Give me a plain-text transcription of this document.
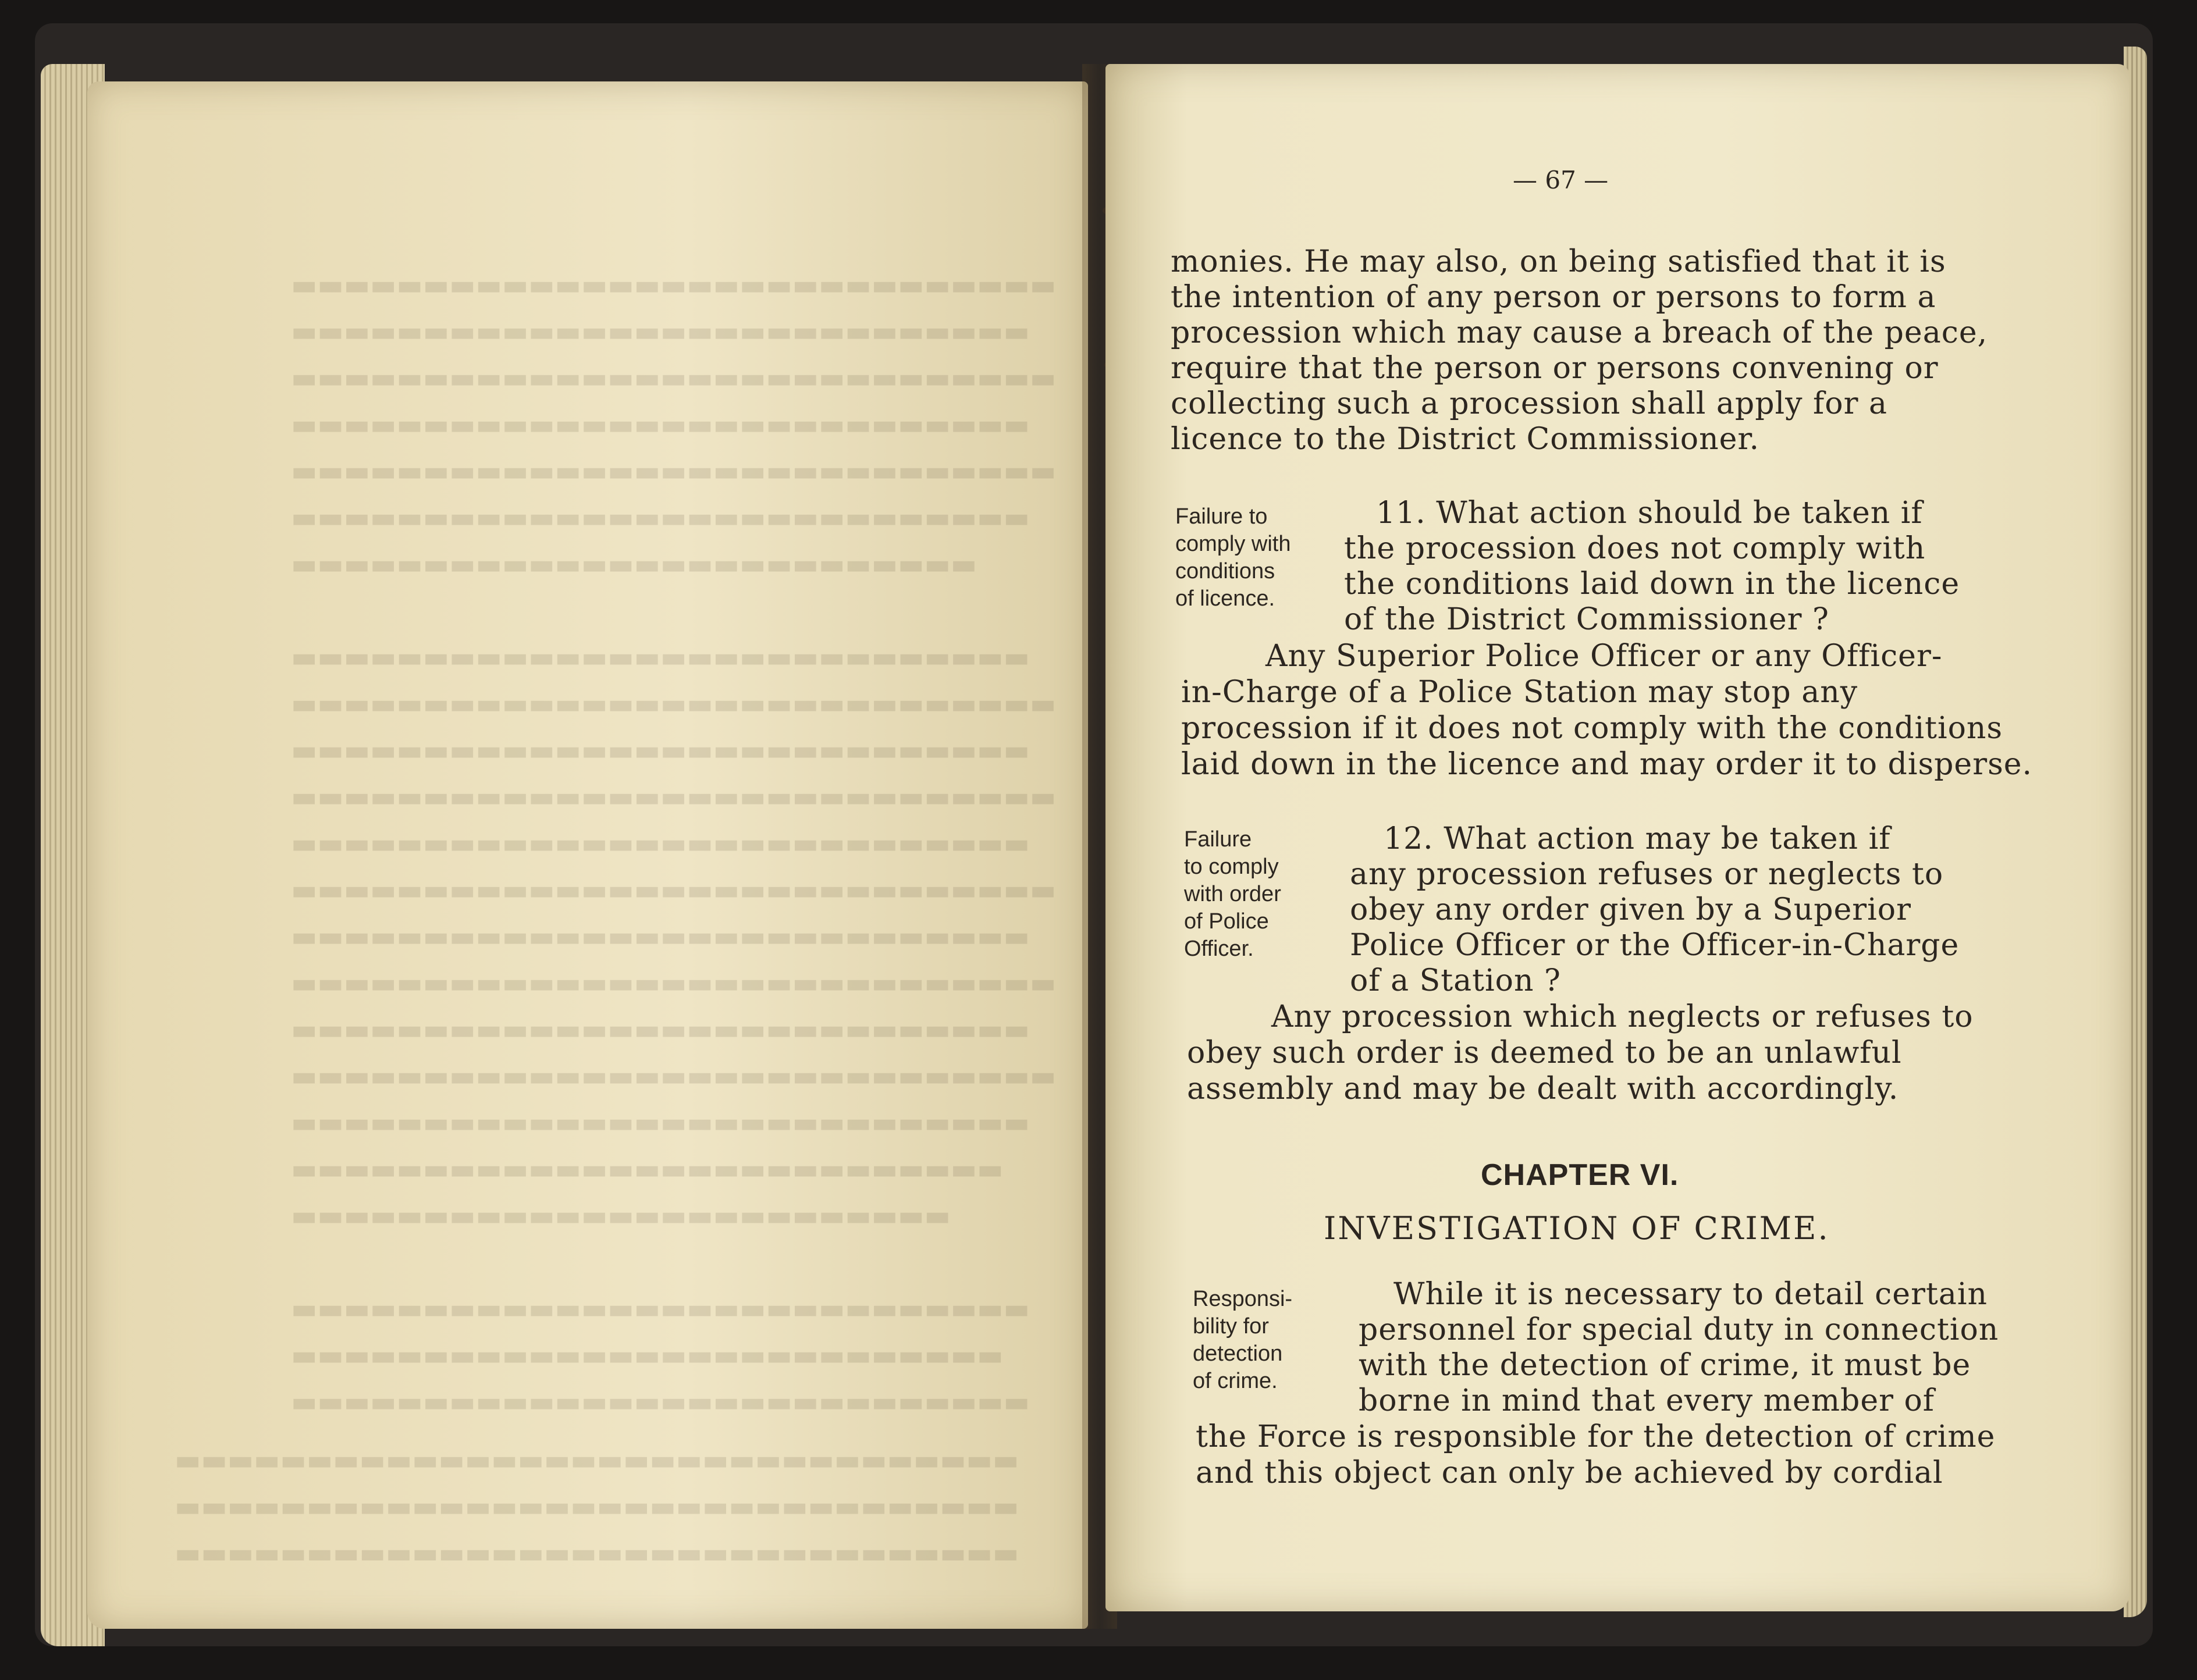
▬▬▬▬▬▬▬▬▬▬▬▬▬▬▬▬▬▬▬▬▬▬▬▬▬▬▬▬▬
▬▬▬▬▬▬▬▬▬▬▬▬▬▬▬▬▬▬▬▬▬▬▬▬▬▬▬▬
▬▬▬▬▬▬▬▬▬▬▬▬▬▬▬▬▬▬▬▬▬▬▬▬▬▬▬▬▬
▬▬▬▬▬▬▬▬▬▬▬▬▬▬▬▬▬▬▬▬▬▬▬▬▬▬▬▬
▬▬▬▬▬▬▬▬▬▬▬▬▬▬▬▬▬▬▬▬▬▬▬▬▬▬▬▬▬
▬▬▬▬▬▬▬▬▬▬▬▬▬▬▬▬▬▬▬▬▬▬▬▬▬▬▬▬
▬▬▬▬▬▬▬▬▬▬▬▬▬▬▬▬▬▬▬▬▬▬▬▬▬▬
▬▬▬▬▬▬▬▬▬▬▬▬▬▬▬▬▬▬▬▬▬▬▬▬▬▬▬▬
▬▬▬▬▬▬▬▬▬▬▬▬▬▬▬▬▬▬▬▬▬▬▬▬▬▬▬▬▬
▬▬▬▬▬▬▬▬▬▬▬▬▬▬▬▬▬▬▬▬▬▬▬▬▬▬▬▬
▬▬▬▬▬▬▬▬▬▬▬▬▬▬▬▬▬▬▬▬▬▬▬▬▬▬▬▬▬
▬▬▬▬▬▬▬▬▬▬▬▬▬▬▬▬▬▬▬▬▬▬▬▬▬▬▬▬
▬▬▬▬▬▬▬▬▬▬▬▬▬▬▬▬▬▬▬▬▬▬▬▬▬▬▬▬▬
▬▬▬▬▬▬▬▬▬▬▬▬▬▬▬▬▬▬▬▬▬▬▬▬▬▬▬▬
▬▬▬▬▬▬▬▬▬▬▬▬▬▬▬▬▬▬▬▬▬▬▬▬▬▬▬▬▬
▬▬▬▬▬▬▬▬▬▬▬▬▬▬▬▬▬▬▬▬▬▬▬▬▬▬▬▬
▬▬▬▬▬▬▬▬▬▬▬▬▬▬▬▬▬▬▬▬▬▬▬▬▬▬▬▬▬
▬▬▬▬▬▬▬▬▬▬▬▬▬▬▬▬▬▬▬▬▬▬▬▬▬▬▬▬
▬▬▬▬▬▬▬▬▬▬▬▬▬▬▬▬▬▬▬▬▬▬▬▬▬▬▬
▬▬▬▬▬▬▬▬▬▬▬▬▬▬▬▬▬▬▬▬▬▬▬▬▬
▬▬▬▬▬▬▬▬▬▬▬▬▬▬▬▬▬▬▬▬▬▬▬▬▬▬▬▬
▬▬▬▬▬▬▬▬▬▬▬▬▬▬▬▬▬▬▬▬▬▬▬▬▬▬▬
▬▬▬▬▬▬▬▬▬▬▬▬▬▬▬▬▬▬▬▬▬▬▬▬▬▬▬▬
▬▬▬▬▬▬▬▬▬▬▬▬▬▬▬▬▬▬▬▬▬▬▬▬▬▬▬▬▬▬▬▬
▬▬▬▬▬▬▬▬▬▬▬▬▬▬▬▬▬▬▬▬▬▬▬▬▬▬▬▬▬▬▬▬
▬▬▬▬▬▬▬▬▬▬▬▬▬▬▬▬▬▬▬▬▬▬▬▬▬▬▬▬▬▬▬▬
— 67 —
monies. He may also, on being satisfied that it is
the intention of any person or persons to form a
procession which may cause a breach of the peace,
require that the person or persons convening or
collecting such a procession shall apply for a
licence to the District Commissioner.
Failure to
comply with
conditions
of licence.
11. What action should be taken if
the procession does not comply with
the conditions laid down in the licence
of the District Commissioner ?
Any Superior Police Officer or any Officer-
in-Charge of a Police Station may stop any
procession if it does not comply with the conditions
laid down in the licence and may order it to disperse.
Failure
to comply
with order
of Police
Officer.
12. What action may be taken if
any procession refuses or neglects to
obey any order given by a Superior
Police Officer or the Officer-in-Charge
of a Station ?
Any procession which neglects or refuses to
obey such order is deemed to be an unlawful
assembly and may be dealt with accordingly.
CHAPTER VI.
INVESTIGATION OF CRIME.
Responsi-
bility for
detection
of crime.
While it is necessary to detail certain
personnel for special duty in connection
with the detection of crime, it must be
borne in mind that every member of
the Force is responsible for the detection of crime
and this object can only be achieved by cordial
